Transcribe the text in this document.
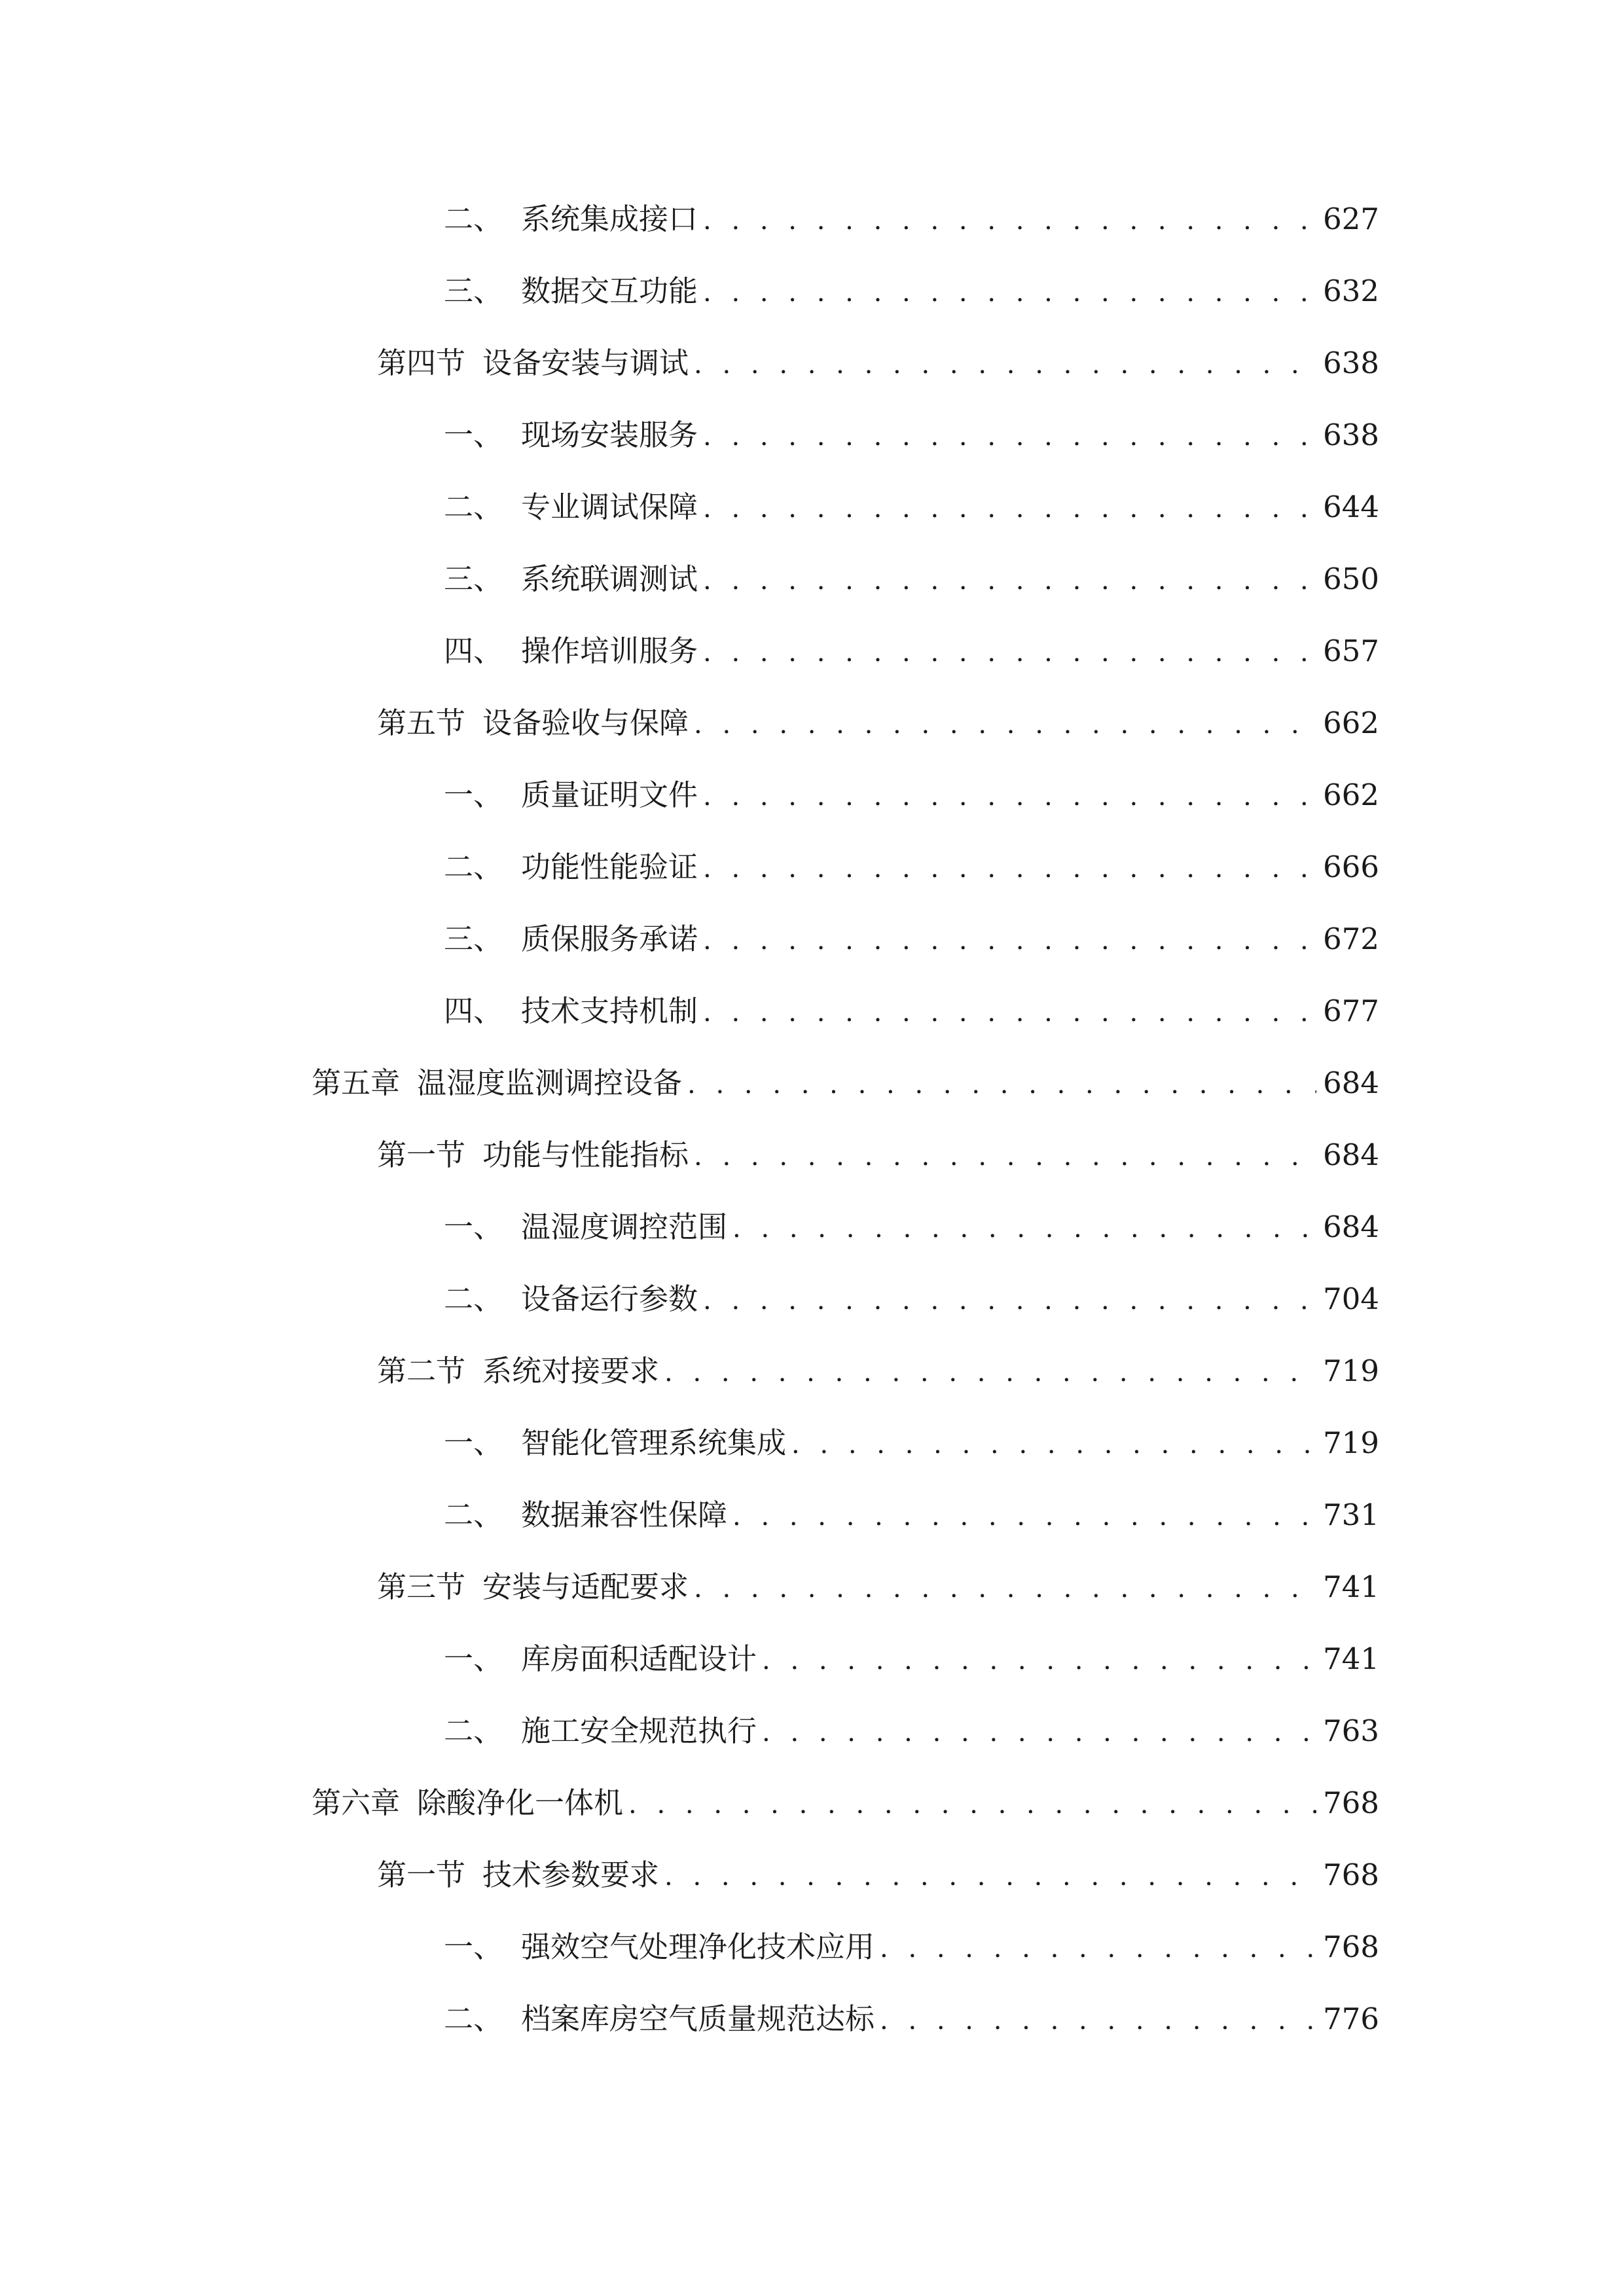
二、 系统集成接口 . . .	627
三、 数据交互功能 . . .	632
第四节 设备安装与调试 . . .	638
一、 现场安装服务 . . .	638
二、 专业调试保障 . . .	644
三、 系统联调测试 . . .	650
四、 操作培训服务 . . .	657
第五节 设备验收与保障 . . .	662
一、 质量证明文件 . . .	662
二、 功能性能验证 . . .	666
三、 质保服务承诺 . . .	672
四、 技术支持机制 . . .	677
第五章 温湿度监测调控设备 . . .	684
第一节 功能与性能指标 . . .	684
一、 温湿度调控范围 . . .	684
二、 设备运行参数 . . .	704
第二节 系统对接要求 . . .	719
一、 智能化管理系统集成 . . .	719
二、 数据兼容性保障 . . .	731
第三节 安装与适配要求 . . .	741
一、 库房面积适配设计 . . .	741
二、 施工安全规范执行 . . .	763
第六章 除酸净化一体机 . . .	768
第一节 技术参数要求 . . .	768
一、 强效空气处理净化技术应用 . . .	768
二、 档案库房空气质量规范达标 . . .	776
